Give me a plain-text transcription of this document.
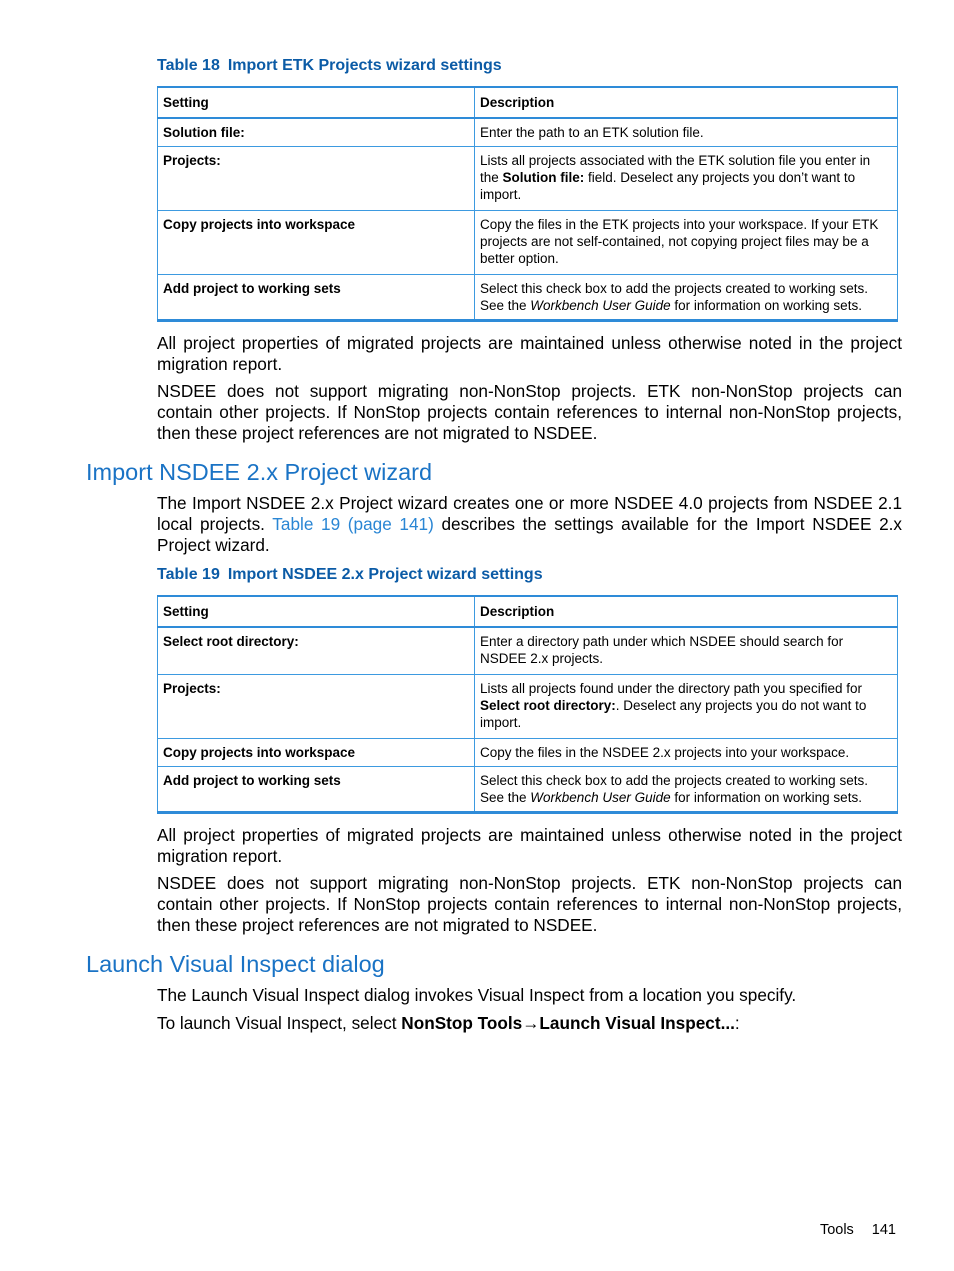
Table 18 Import ETK Projects wizard settings
Setting	Description
Solution file:	Enter the path to an ETK solution file.
Projects:	Lists all projects associated with the ETK solution file you enter in the Solution file: field. Deselect any projects you don’t want to import.
Copy projects into workspace	Copy the files in the ETK projects into your workspace. If your ETK projects are not self-contained, not copying project files may be a better option.
Add project to working sets	Select this check box to add the projects created to working sets. See the Workbench User Guide for information on working sets.
All project properties of migrated projects are maintained unless otherwise noted in the project migration report.
NSDEE does not support migrating non-NonStop projects. ETK non-NonStop projects can contain other projects. If NonStop projects contain references to internal non-NonStop projects, then these project references are not migrated to NSDEE.
Import NSDEE 2.x Project wizard
The Import NSDEE 2.x Project wizard creates one or more NSDEE 4.0 projects from NSDEE 2.1 local projects. Table 19 (page 141) describes the settings available for the Import NSDEE 2.x Project wizard.
Table 19 Import NSDEE 2.x Project wizard settings
Setting	Description
Select root directory:	Enter a directory path under which NSDEE should search for NSDEE 2.x projects.
Projects:	Lists all projects found under the directory path you specified for Select root directory:. Deselect any projects you do not want to import.
Copy projects into workspace	Copy the files in the NSDEE 2.x projects into your workspace.
Add project to working sets	Select this check box to add the projects created to working sets. See the Workbench User Guide for information on working sets.
All project properties of migrated projects are maintained unless otherwise noted in the project migration report.
NSDEE does not support migrating non-NonStop projects. ETK non-NonStop projects can contain other projects. If NonStop projects contain references to internal non-NonStop projects, then these project references are not migrated to NSDEE.
Launch Visual Inspect dialog
The Launch Visual Inspect dialog invokes Visual Inspect from a location you specify.
To launch Visual Inspect, select NonStop Tools→Launch Visual Inspect...:
Tools 141
